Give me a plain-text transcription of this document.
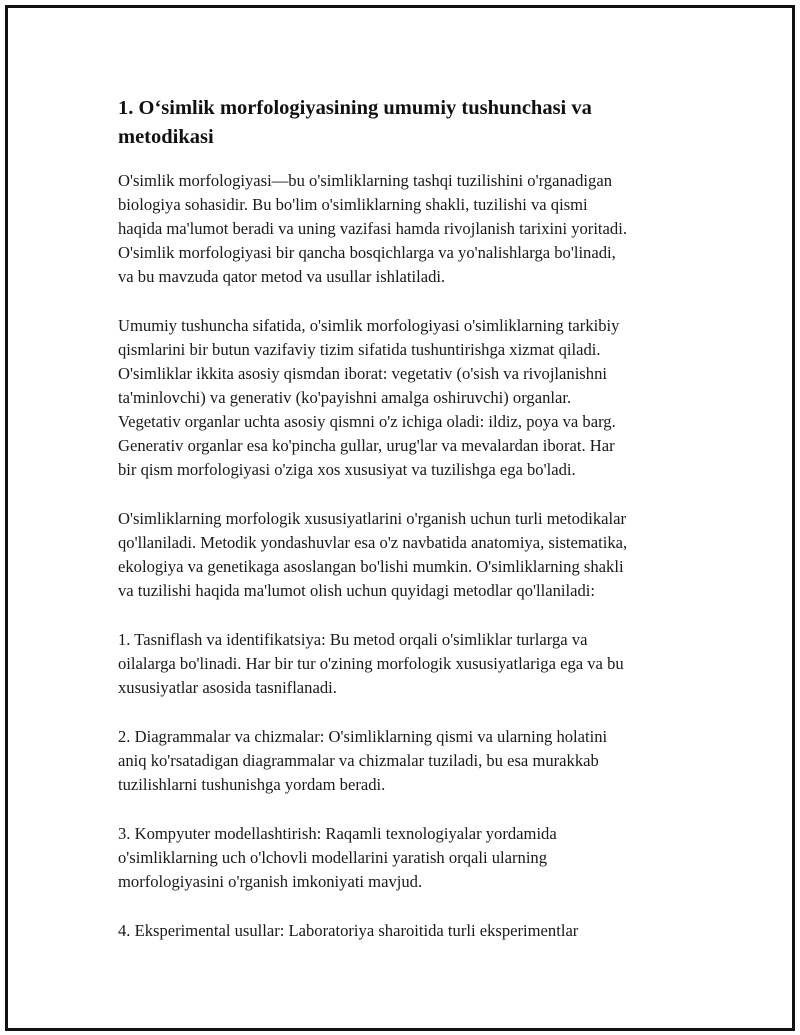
1. O‘simlik morfologiyasining umumiy tushunchasi va
metodikasi

O'simlik morfologiyasi—bu o'simliklarning tashqi tuzilishini o'rganadigan
biologiya sohasidir. Bu bo'lim o'simliklarning shakli, tuzilishi va qismi
haqida ma'lumot beradi va uning vazifasi hamda rivojlanish tarixini yoritadi.
O'simlik morfologiyasi bir qancha bosqichlarga va yo'nalishlarga bo'linadi,
va bu mavzuda qator metod va usullar ishlatiladi.

Umumiy tushuncha sifatida, o'simlik morfologiyasi o'simliklarning tarkibiy
qismlarini bir butun vazifaviy tizim sifatida tushuntirishga xizmat qiladi.
O'simliklar ikkita asosiy qismdan iborat: vegetativ (o'sish va rivojlanishni
ta'minlovchi) va generativ (ko'payishni amalga oshiruvchi) organlar.
Vegetativ organlar uchta asosiy qismni o'z ichiga oladi: ildiz, poya va barg.
Generativ organlar esa ko'pincha gullar, urug'lar va mevalardan iborat. Har
bir qism morfologiyasi o'ziga xos xususiyat va tuzilishga ega bo'ladi.

O'simliklarning morfologik xususiyatlarini o'rganish uchun turli metodikalar
qo'llaniladi. Metodik yondashuvlar esa o'z navbatida anatomiya, sistematika,
ekologiya va genetikaga asoslangan bo'lishi mumkin. O'simliklarning shakli
va tuzilishi haqida ma'lumot olish uchun quyidagi metodlar qo'llaniladi:

1. Tasniflash va identifikatsiya: Bu metod orqali o'simliklar turlarga va
oilalarga bo'linadi. Har bir tur o'zining morfologik xususiyatlariga ega va bu
xususiyatlar asosida tasniflanadi.

2. Diagrammalar va chizmalar: O'simliklarning qismi va ularning holatini
aniq ko'rsatadigan diagrammalar va chizmalar tuziladi, bu esa murakkab
tuzilishlarni tushunishga yordam beradi.

3. Kompyuter modellashtirish: Raqamli texnologiyalar yordamida
o'simliklarning uch o'lchovli modellarini yaratish orqali ularning
morfologiyasini o'rganish imkoniyati mavjud.

4. Eksperimental usullar: Laboratoriya sharoitida turli eksperimentlar
